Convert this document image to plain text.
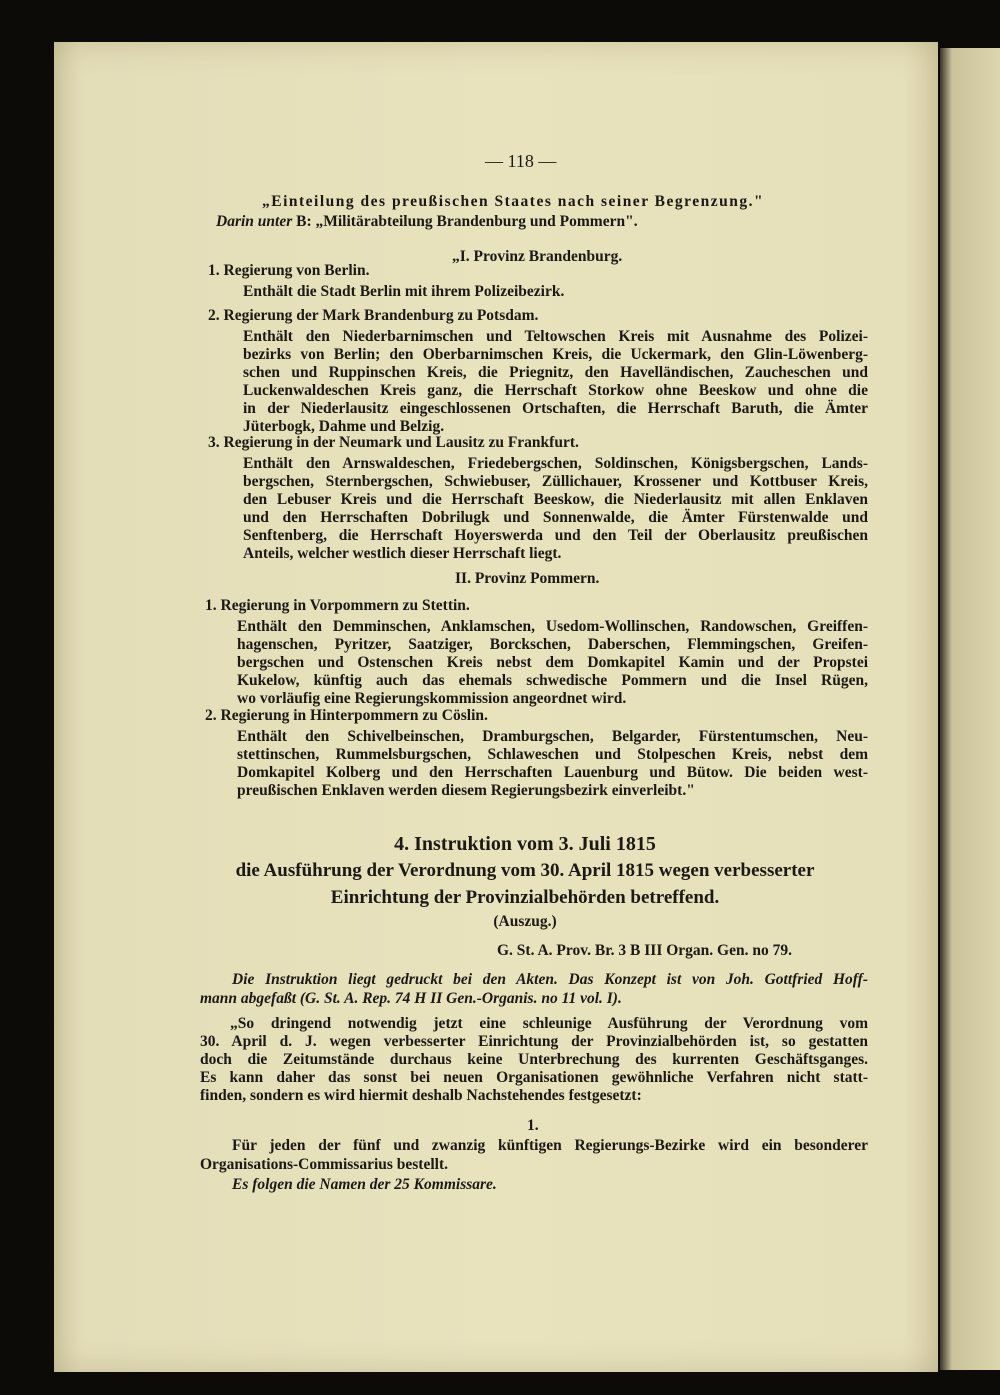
— 118 —
„Einteilung des preußischen Staates nach seiner Begrenzung."
Darin unter B: „Militärabteilung Brandenburg und Pommern".
„I. Provinz Brandenburg.
1. Regierung von Berlin.
Enthält die Stadt Berlin mit ihrem Polizeibezirk.
2. Regierung der Mark Brandenburg zu Potsdam.
Enthält den Niederbarnimschen und Teltowschen Kreis mit Ausnahme des Polizei-
bezirks von Berlin; den Oberbarnimschen Kreis, die Uckermark, den Glin-Löwenberg-
schen und Ruppinschen Kreis, die Priegnitz, den Havelländischen, Zaucheschen und
Luckenwaldeschen Kreis ganz, die Herrschaft Storkow ohne Beeskow und ohne die
in der Niederlausitz eingeschlossenen Ortschaften, die Herrschaft Baruth, die Ämter
Jüterbogk, Dahme und Belzig.
3. Regierung in der Neumark und Lausitz zu Frankfurt.
Enthält den Arnswaldeschen, Friedebergschen, Soldinschen, Königsbergschen, Lands-
bergschen, Sternbergschen, Schwiebuser, Züllichauer, Krossener und Kottbuser Kreis,
den Lebuser Kreis und die Herrschaft Beeskow, die Niederlausitz mit allen Enklaven
und den Herrschaften Dobrilugk und Sonnenwalde, die Ämter Fürstenwalde und
Senftenberg, die Herrschaft Hoyerswerda und den Teil der Oberlausitz preußischen
Anteils, welcher westlich dieser Herrschaft liegt.
II. Provinz Pommern.
1. Regierung in Vorpommern zu Stettin.
Enthält den Demminschen, Anklamschen, Usedom-Wollinschen, Randowschen, Greiffen-
hagenschen, Pyritzer, Saatziger, Borckschen, Daberschen, Flemmingschen, Greifen-
bergschen und Ostenschen Kreis nebst dem Domkapitel Kamin und der Propstei
Kukelow, künftig auch das ehemals schwedische Pommern und die Insel Rügen,
wo vorläufig eine Regierungskommission angeordnet wird.
2. Regierung in Hinterpommern zu Cöslin.
Enthält den Schivelbeinschen, Dramburgschen, Belgarder, Fürstentumschen, Neu-
stettinschen, Rummelsburgschen, Schlaweschen und Stolpeschen Kreis, nebst dem
Domkapitel Kolberg und den Herrschaften Lauenburg und Bütow. Die beiden west-
preußischen Enklaven werden diesem Regierungsbezirk einverleibt."
4. Instruktion vom 3. Juli 1815
die Ausführung der Verordnung vom 30. April 1815 wegen verbesserter
Einrichtung der Provinzialbehörden betreffend.
(Auszug.)
G. St. A. Prov. Br. 3 B III Organ. Gen. no 79.
Die Instruktion liegt gedruckt bei den Akten. Das Konzept ist von Joh. Gottfried Hoff-
mann abgefaßt (G. St. A. Rep. 74 H II Gen.-Organis. no 11 vol. I).
„So dringend notwendig jetzt eine schleunige Ausführung der Verordnung vom
30. April d. J. wegen verbesserter Einrichtung der Provinzialbehörden ist, so gestatten
doch die Zeitumstände durchaus keine Unterbrechung des kurrenten Geschäftsganges.
Es kann daher das sonst bei neuen Organisationen gewöhnliche Verfahren nicht statt-
finden, sondern es wird hiermit deshalb Nachstehendes festgesetzt:
1.
Für jeden der fünf und zwanzig künftigen Regierungs-Bezirke wird ein besonderer
Organisations-Commissarius bestellt.
Es folgen die Namen der 25 Kommissare.
